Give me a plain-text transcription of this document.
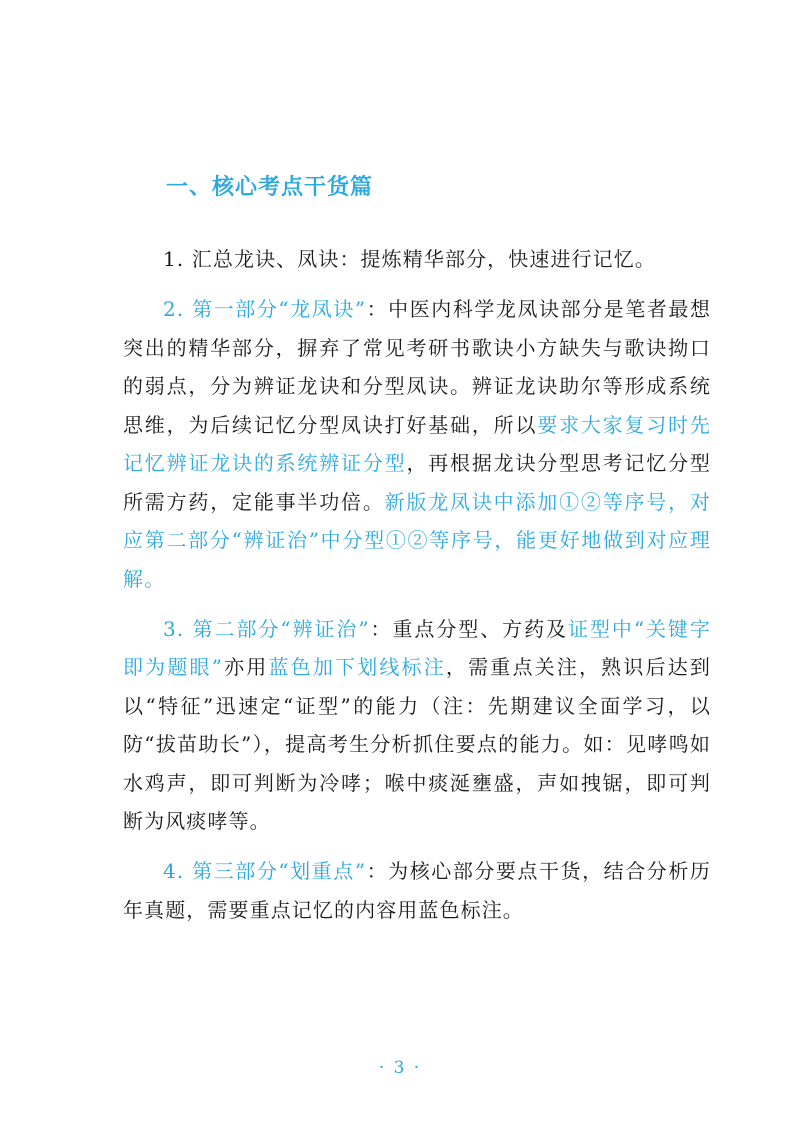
一、核心考点干货篇

1. 汇总龙诀、凤诀：提炼精华部分，快速进行记忆。

2. 第一部分“龙凤诀”：中医内科学龙凤诀部分是笔者最想突出的精华部分，摒弃了常见考研书歌诀小方缺失与歌诀拗口的弱点，分为辨证龙诀和分型凤诀。辨证龙诀助尔等形成系统思维，为后续记忆分型凤诀打好基础，所以要求大家复习时先记忆辨证龙诀的系统辨证分型，再根据龙诀分型思考记忆分型所需方药，定能事半功倍。新版龙凤诀中添加①②等序号，对应第二部分“辨证治”中分型①②等序号，能更好地做到对应理解。

3. 第二部分“辨证治”：重点分型、方药及证型中“关键字即为题眼”亦用蓝色加下划线标注，需重点关注，熟识后达到以“特征”迅速定“证型”的能力（注：先期建议全面学习，以防“拔苗助长”），提高考生分析抓住要点的能力。如：见哮鸣如水鸡声，即可判断为冷哮；喉中痰涎壅盛，声如拽锯，即可判断为风痰哮等。

4. 第三部分“划重点”：为核心部分要点干货，结合分析历年真题，需要重点记忆的内容用蓝色标注。

· 3 ·
